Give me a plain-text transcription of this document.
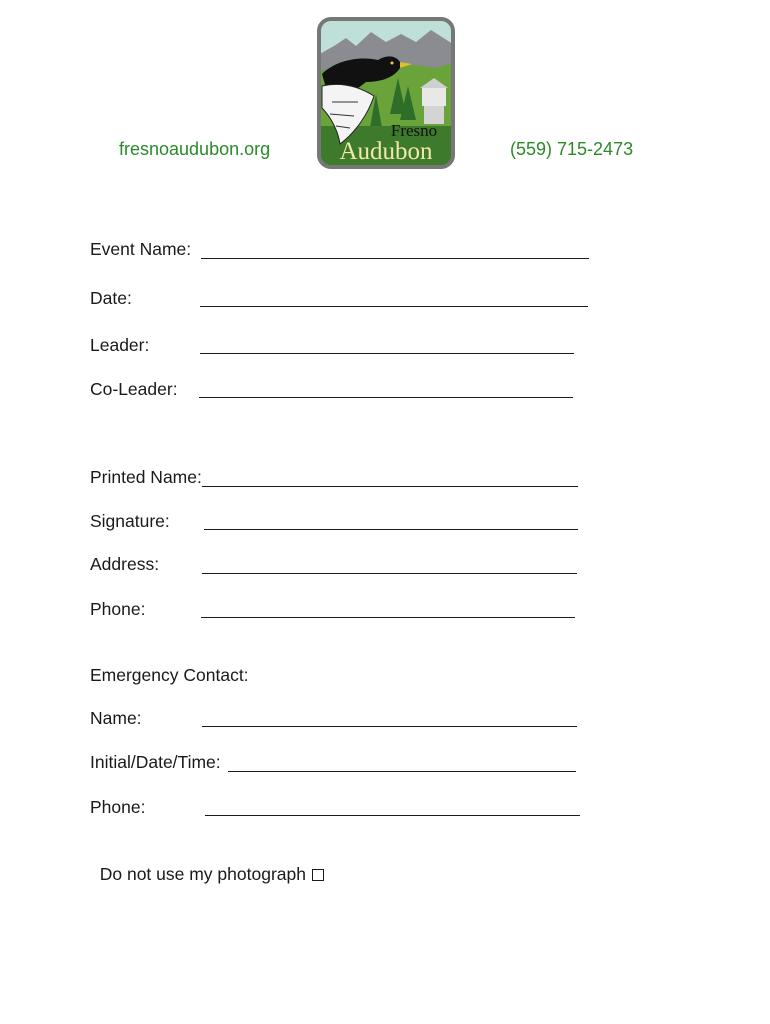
fresnoaudubon.org
Fresno
Audubon	(559) 715-2473
Event Name:
Date:
Leader:
Co-Leader:
Printed Name:
Signature:
Address:
Phone:
Emergency Contact:
Name:
Initial/Date/Time:
Phone:

Do not use my photograph
